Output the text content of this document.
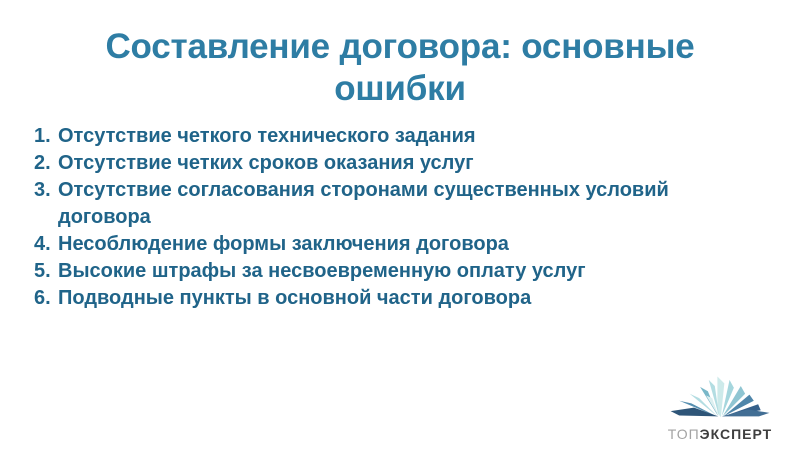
Составление договора: основные ошибки
1. Отсутствие четкого технического задания
2. Отсутствие четких сроков оказания услуг
3. Отсутствие согласования сторонами существенных условий договора
4. Несоблюдение формы заключения договора
5. Высокие штрафы за несвоевременную оплату услуг
6. Подводные пункты в основной части договора
ТОПЭКСПЕРТ
